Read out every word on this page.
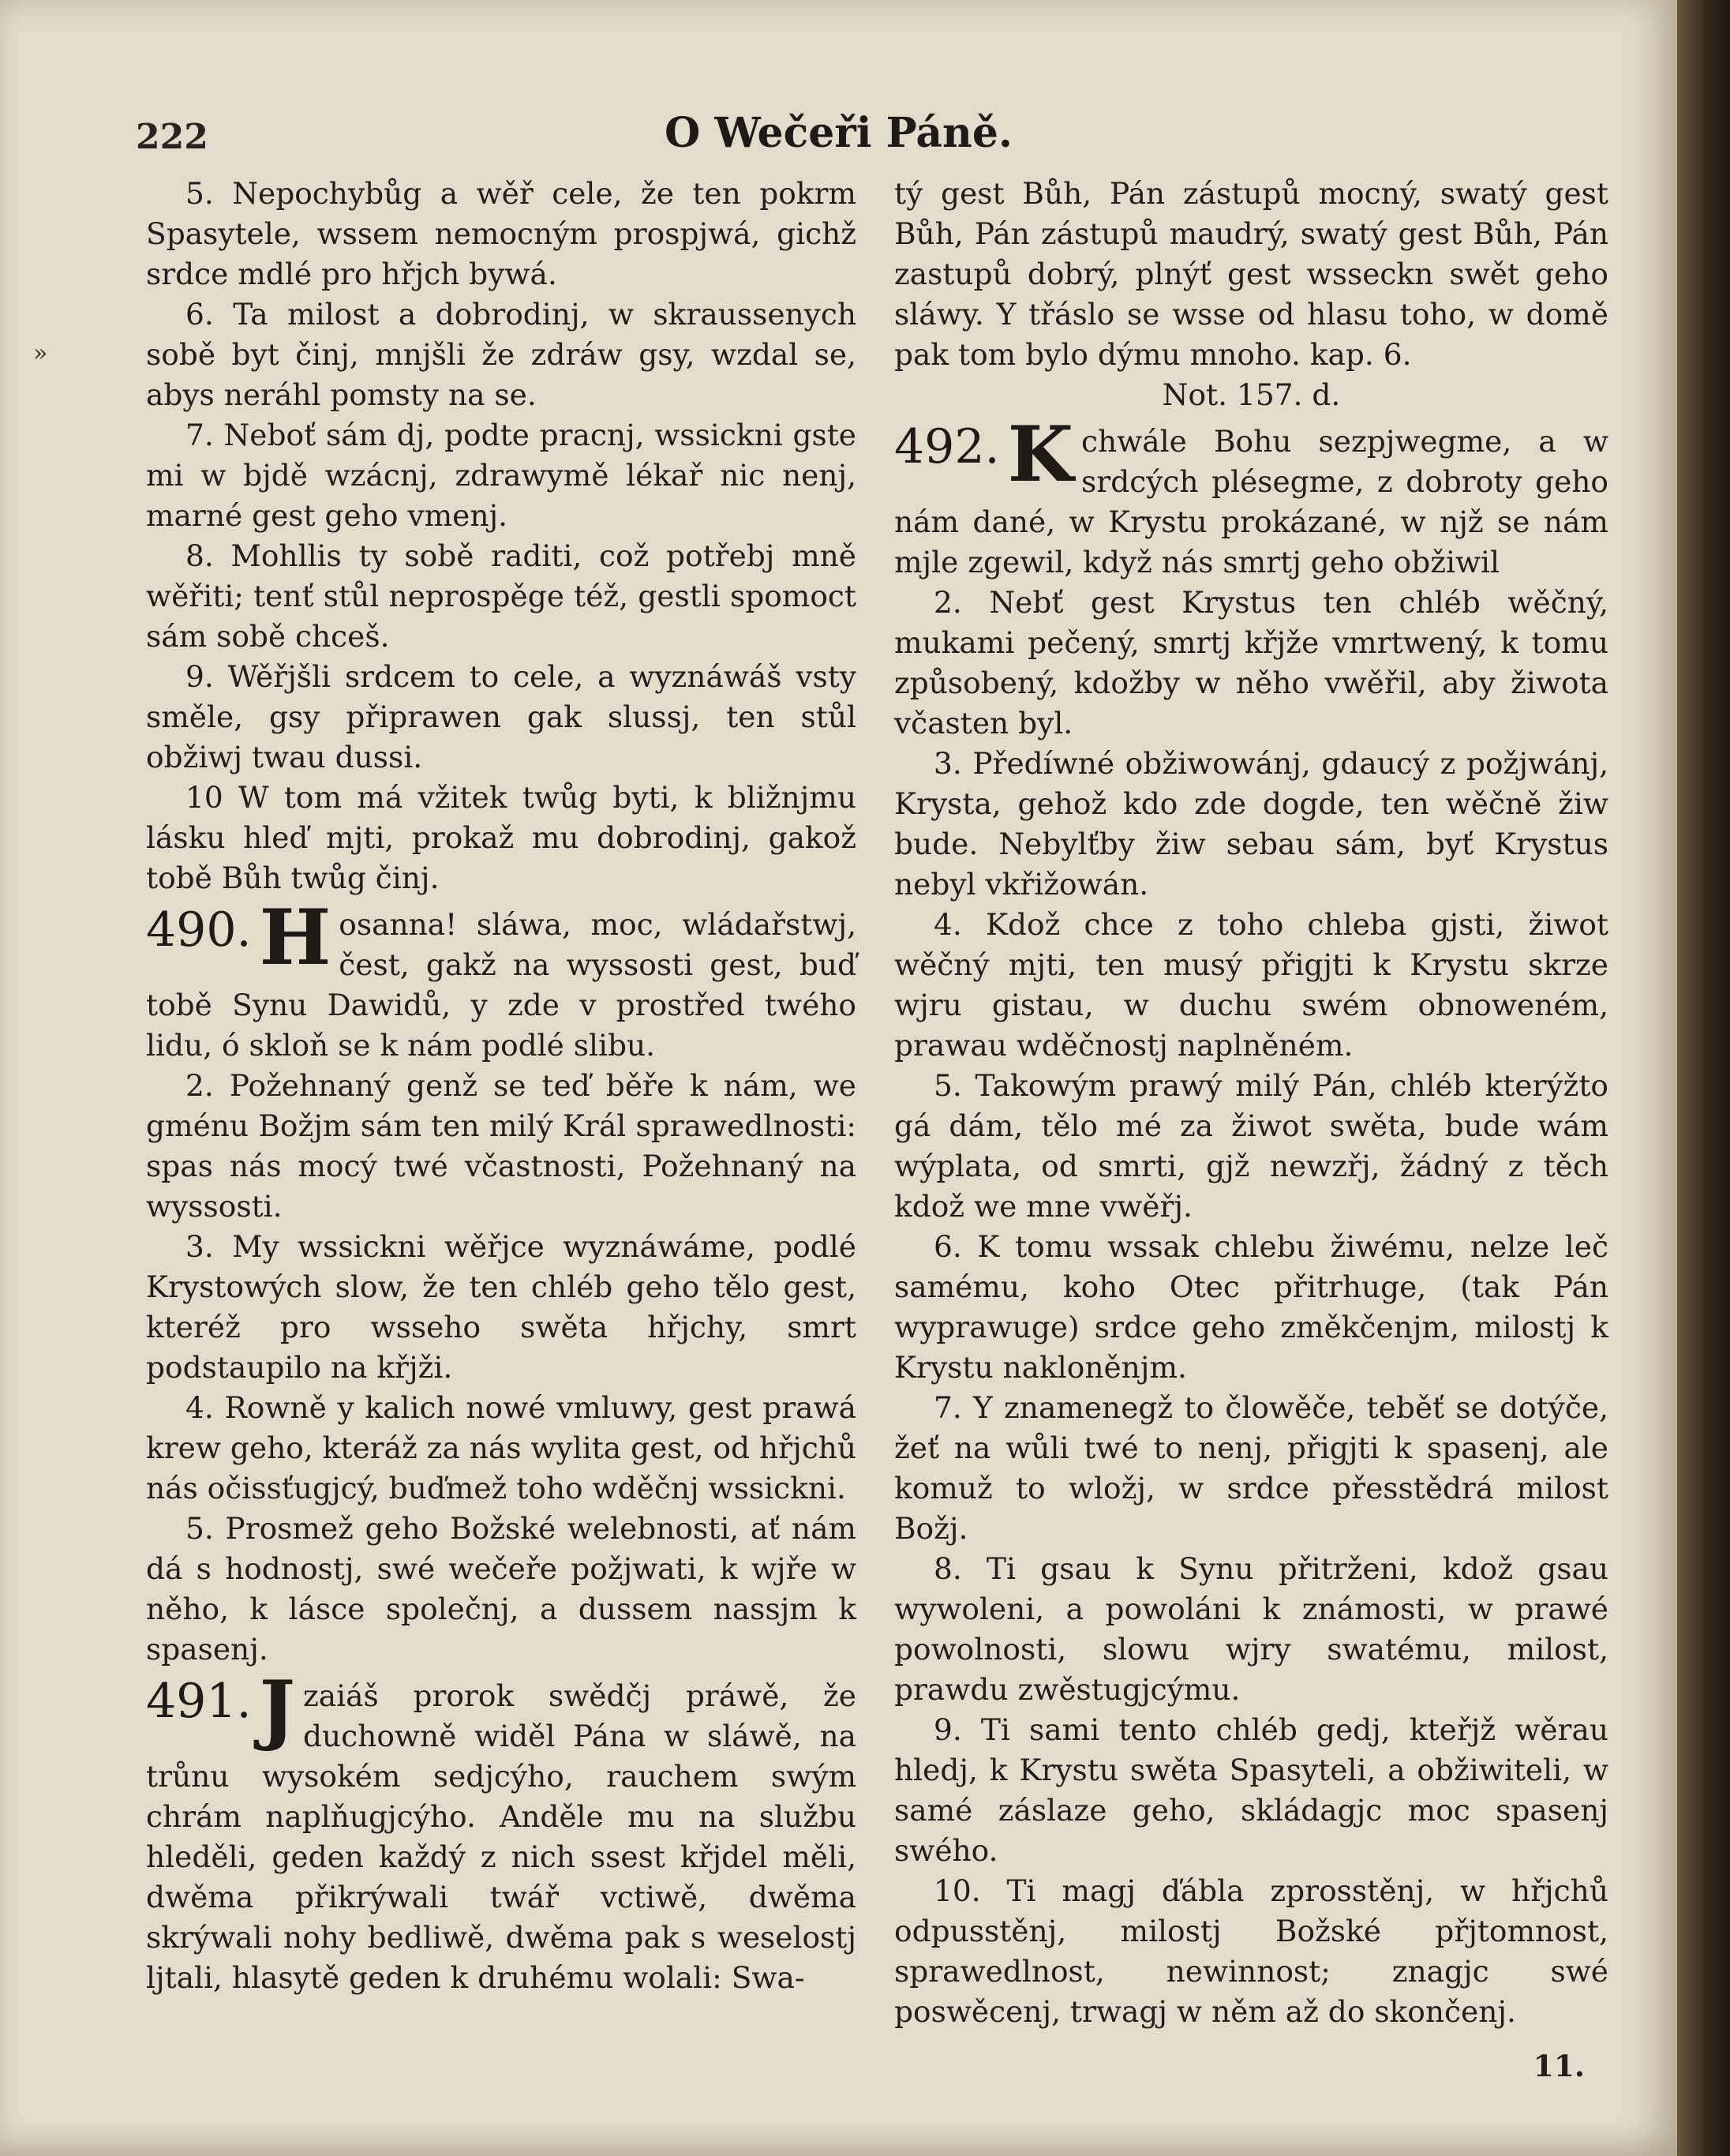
»

222	O Wečeři Páně.

5. Nepochybůg a wěř cele, že ten pokrm Spasytele, wssem nemocným prospjwá, gichž srdce mdlé pro hřjch bywá.

6. Ta milost a dobrodinj, w skraussenych sobě byt činj, mnjšli že zdráw gsy, wzdal se, abys neráhl pomsty na se.

7. Neboť sám dj, podte pracnj, wssickni gste mi w bjdě wzácnj, zdrawymě lékař nic nenj, marné gest geho vmenj.

8. Mohllis ty sobě raditi, což potřebj mně wěřiti; tenť stůl neprospěge též, gestli spomoct sám sobě chceš.

9. Wěřjšli srdcem to cele, a wyznáwáš vsty směle, gsy připrawen gak slussj, ten stůl obžiwj twau dussi.

10 W tom má vžitek twůg byti, k bližnjmu lásku hleď mjti, prokaž mu dobrodinj, gakož tobě Bůh twůg činj.

490. H osanna! sláwa, moc, wládařstwj, čest, gakž na wyssosti gest, buď tobě Synu Dawidů, y zde v prostřed twého lidu, ó skloň se k nám podlé slibu.

2. Požehnaný genž se teď běře k nám, we gménu Božjm sám ten milý Král sprawedlnosti: spas nás mocý twé včastnosti, Požehnaný na wyssosti.

3. My wssickni wěřjce wyznáwáme, podlé Krystowých slow, že ten chléb geho tělo gest, kteréž pro wsseho swěta hřjchy, smrt podstaupilo na křjži.

4. Rowně y kalich nowé vmluwy, gest prawá krew geho, kteráž za nás wylita gest, od hřjchů nás očissťugjcý, buďmež toho wděčnj wssickni.

5. Prosmež geho Božské welebnosti, ať nám dá s hodnostj, swé wečeře požjwati, k wjře w něho, k lásce společnj, a dussem nassjm k spasenj.

491. J zaiáš prorok swědčj práwě, že duchowně widěl Pána w sláwě, na trůnu wysokém sedjcýho, rauchem swým chrám naplňugjcýho. Anděle mu na službu hleděli, geden každý z nich ssest křjdel měli, dwěma přikrýwali twář vctiwě, dwěma skrýwali nohy bedliwě, dwěma pak s weselostj ljtali, hlasytě geden k druhému wolali: Swa-

tý gest Bůh, Pán zástupů mocný, swatý gest Bůh, Pán zástupů maudrý, swatý gest Bůh, Pán zastupů dobrý, plnýť gest wsseckn swět geho sláwy. Y třáslo se wsse od hlasu toho, w domě pak tom bylo dýmu mnoho. kap. 6.

Not. 157. d.

492. K chwále Bohu sezpjwegme, a w srdcých plésegme, z dobroty geho nám dané, w Krystu prokázané, w njž se nám mjle zgewil, když nás smrtj geho obžiwil

2. Nebť gest Krystus ten chléb wěčný, mukami pečený, smrtj křjže vmrtwený, k tomu způsobený, kdožby w něho vwěřil, aby žiwota včasten byl.

3. Předíwné obžiwowánj, gdaucý z požjwánj, Krysta, gehož kdo zde dogde, ten wěčně žiw bude. Nebylťby žiw sebau sám, byť Krystus nebyl vkřižowán.

4. Kdož chce z toho chleba gjsti, žiwot wěčný mjti, ten musý přigjti k Krystu skrze wjru gistau, w duchu swém obnoweném, prawau wděčnostj naplněném.

5. Takowým prawý milý Pán, chléb kterýžto gá dám, tělo mé za žiwot swěta, bude wám wýplata, od smrti, gjž newzřj, žádný z těch kdož we mne vwěřj.

6. K tomu wssak chlebu žiwému, nelze leč samému, koho Otec přitrhuge, (tak Pán wyprawuge) srdce geho změkčenjm, milostj k Krystu nakloněnjm.

7. Y znamenegž to člowěče, teběť se dotýče, žeť na wůli twé to nenj, přigjti k spasenj, ale komuž to wložj, w srdce přesstědrá milost Božj.

8. Ti gsau k Synu přitrženi, kdož gsau wywoleni, a powoláni k známosti, w prawé powolnosti, slowu wjry swatému, milost, prawdu zwěstugjcýmu.

9. Ti sami tento chléb gedj, kteřjž wěrau hledj, k Krystu swěta Spasyteli, a obžiwiteli, w samé záslaze geho, skládagjc moc spasenj swého.

10. Ti magj ďábla zprosstěnj, w hřjchů odpusstěnj, milostj Božské přjtomnost, sprawedlnost, newinnost; znagjc swé poswěcenj, trwagj w něm až do skončenj.

11.
